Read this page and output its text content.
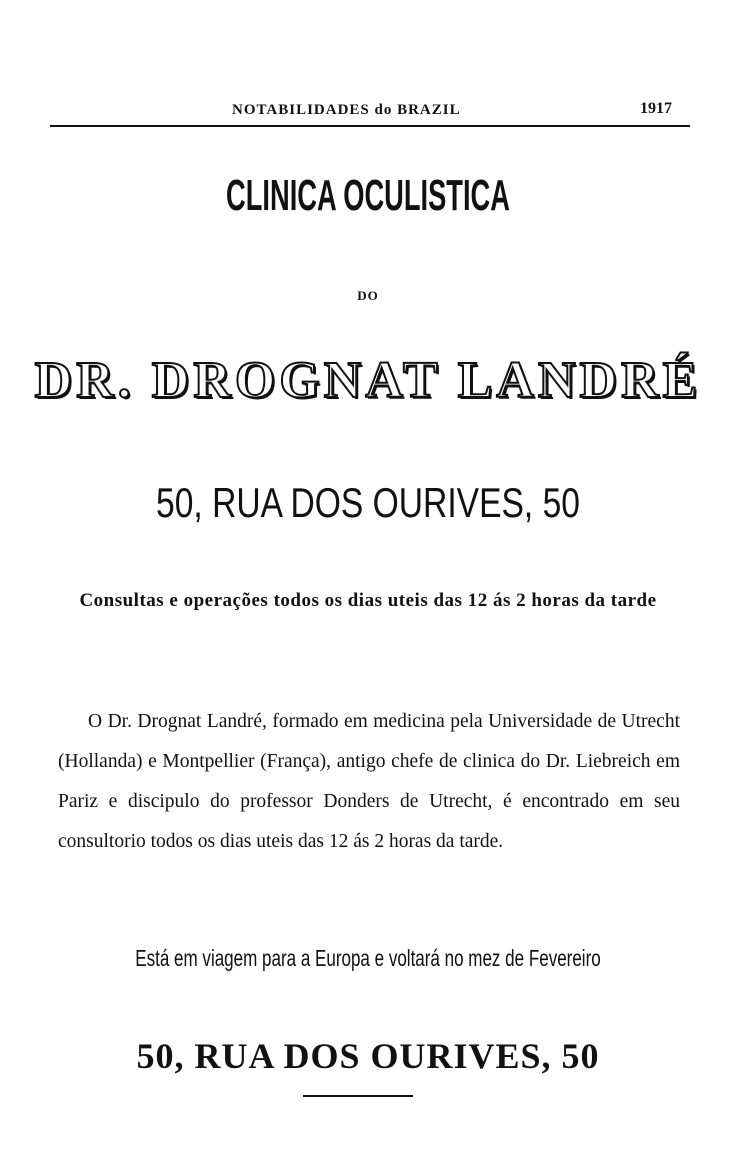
NOTABILIDADES do BRAZIL	1917
CLINICA OCULISTICA
DO
DR. DROGNAT LANDRÉ
50, RUA DOS OURIVES, 50
Consultas e operações todos os dias uteis das 12 ás 2 horas da tarde
O Dr. Drognat Landré, formado em medicina pela Universidade de Utrecht (Hollanda) e Montpellier (França), antigo chefe de clinica do Dr. Liebreich em Pariz e discipulo do professor Donders de Utrecht, é encontrado em seu consultorio todos os dias uteis das 12 ás 2 horas da tarde.
Está em viagem para a Europa e voltará no mez de Fevereiro
50, RUA DOS OURIVES, 50
